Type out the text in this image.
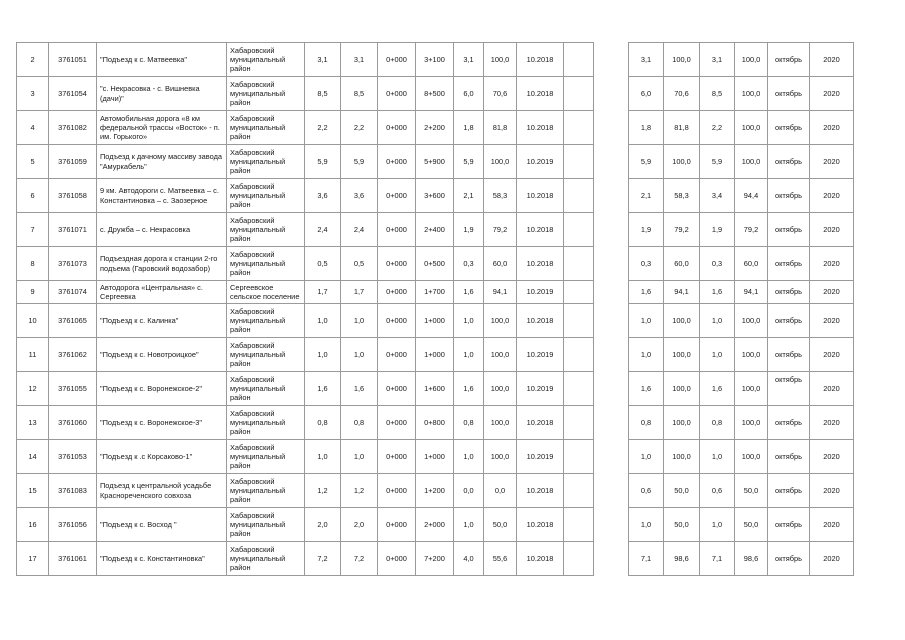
2	3761051	"Подъезд к с. Матвеевка"	Хабаровский муниципальный район	3,1	3,1	0+000	3+100	3,1	100,0	10.2018			3,1	100,0	3,1	100,0	октябрь	2020
3	3761054	"с. Некрасовка - с. Вишневка (дачи)"	Хабаровский муниципальный район	8,5	8,5	0+000	8+500	6,0	70,6	10.2018			6,0	70,6	8,5	100,0	октябрь	2020
4	3761082	Автомобильная дорога «8 км федеральной трассы «Восток» - п. им. Горького»	Хабаровский муниципальный район	2,2	2,2	0+000	2+200	1,8	81,8	10.2018			1,8	81,8	2,2	100,0	октябрь	2020
5	3761059	Подъезд к дачному массиву завода "Амуркабель"	Хабаровский муниципальный район	5,9	5,9	0+000	5+900	5,9	100,0	10.2019			5,9	100,0	5,9	100,0	октябрь	2020
6	3761058	9 км. Автодороги с. Матвеевка – с. Константиновка – с. Заозерное	Хабаровский муниципальный район	3,6	3,6	0+000	3+600	2,1	58,3	10.2018			2,1	58,3	3,4	94,4	октябрь	2020
7	3761071	с. Дружба – с. Некрасовка	Хабаровский муниципальный район	2,4	2,4	0+000	2+400	1,9	79,2	10.2018			1,9	79,2	1,9	79,2	октябрь	2020
8	3761073	Подъездная дорога к станции 2-го подъема (Гаровский водозабор)	Хабаровский муниципальный район	0,5	0,5	0+000	0+500	0,3	60,0	10.2018			0,3	60,0	0,3	60,0	октябрь	2020
9	3761074	Автодорога «Центральная» с. Сергеевка	Сергеевское сельское поселение	1,7	1,7	0+000	1+700	1,6	94,1	10.2019			1,6	94,1	1,6	94,1	октябрь	2020
10	3761065	"Подъезд к с. Калинка"	Хабаровский муниципальный район	1,0	1,0	0+000	1+000	1,0	100,0	10.2018			1,0	100,0	1,0	100,0	октябрь	2020
11	3761062	"Подъезд к с. Новотроицкое"	Хабаровский муниципальный район	1,0	1,0	0+000	1+000	1,0	100,0	10.2019			1,0	100,0	1,0	100,0	октябрь	2020
12	3761055	"Подъезд к с. Воронежское-2"	Хабаровский муниципальный район	1,6	1,6	0+000	1+600	1,6	100,0	10.2019			1,6	100,0	1,6	100,0	октябрь	2020
13	3761060	"Подъезд к с. Воронежское-3"	Хабаровский муниципальный район	0,8	0,8	0+000	0+800	0,8	100,0	10.2018			0,8	100,0	0,8	100,0	октябрь	2020
14	3761053	"Подъезд к .с Корсаково-1"	Хабаровский муниципальный район	1,0	1,0	0+000	1+000	1,0	100,0	10.2019			1,0	100,0	1,0	100,0	октябрь	2020
15	3761083	Подъезд к центральной усадьбе Краснореченского совхоза	Хабаровский муниципальный район	1,2	1,2	0+000	1+200	0,0	0,0	10.2018			0,6	50,0	0,6	50,0	октябрь	2020
16	3761056	"Подъезд к с. Восход "	Хабаровский муниципальный район	2,0	2,0	0+000	2+000	1,0	50,0	10.2018			1,0	50,0	1,0	50,0	октябрь	2020
17	3761061	"Подъезд к с. Константиновка"	Хабаровский муниципальный район	7,2	7,2	0+000	7+200	4,0	55,6	10.2018			7,1	98,6	7,1	98,6	октябрь	2020
